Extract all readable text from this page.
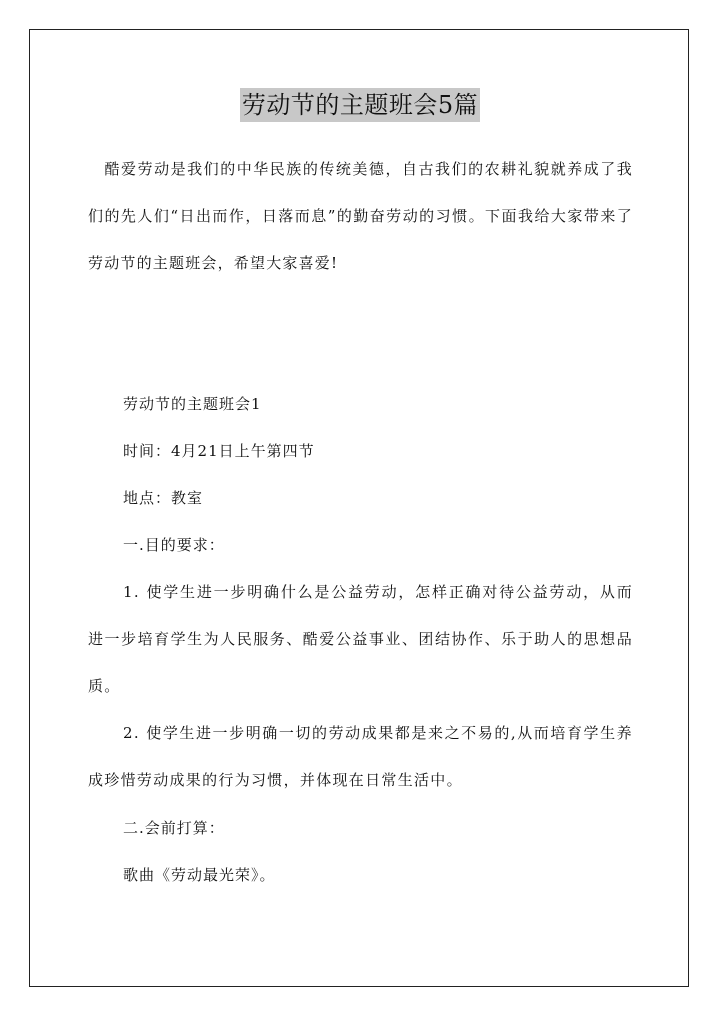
劳动节的主题班会5篇
　酷爱劳动是我们的中华民族的传统美德，自古我们的农耕礼貌就养成了我们的先人们“日出而作，日落而息”的勤奋劳动的习惯。下面我给大家带来了劳动节的主题班会，希望大家喜爱!
劳动节的主题班会1
时间：4月21日上午第四节
地点：教室
一.目的要求：
1. 使学生进一步明确什么是公益劳动，怎样正确对待公益劳动，从而进一步培育学生为人民服务、酷爱公益事业、团结协作、乐于助人的思想品质。
2. 使学生进一步明确一切的劳动成果都是来之不易的,从而培育学生养成珍惜劳动成果的行为习惯，并体现在日常生活中。
二.会前打算：
歌曲《劳动最光荣》。
